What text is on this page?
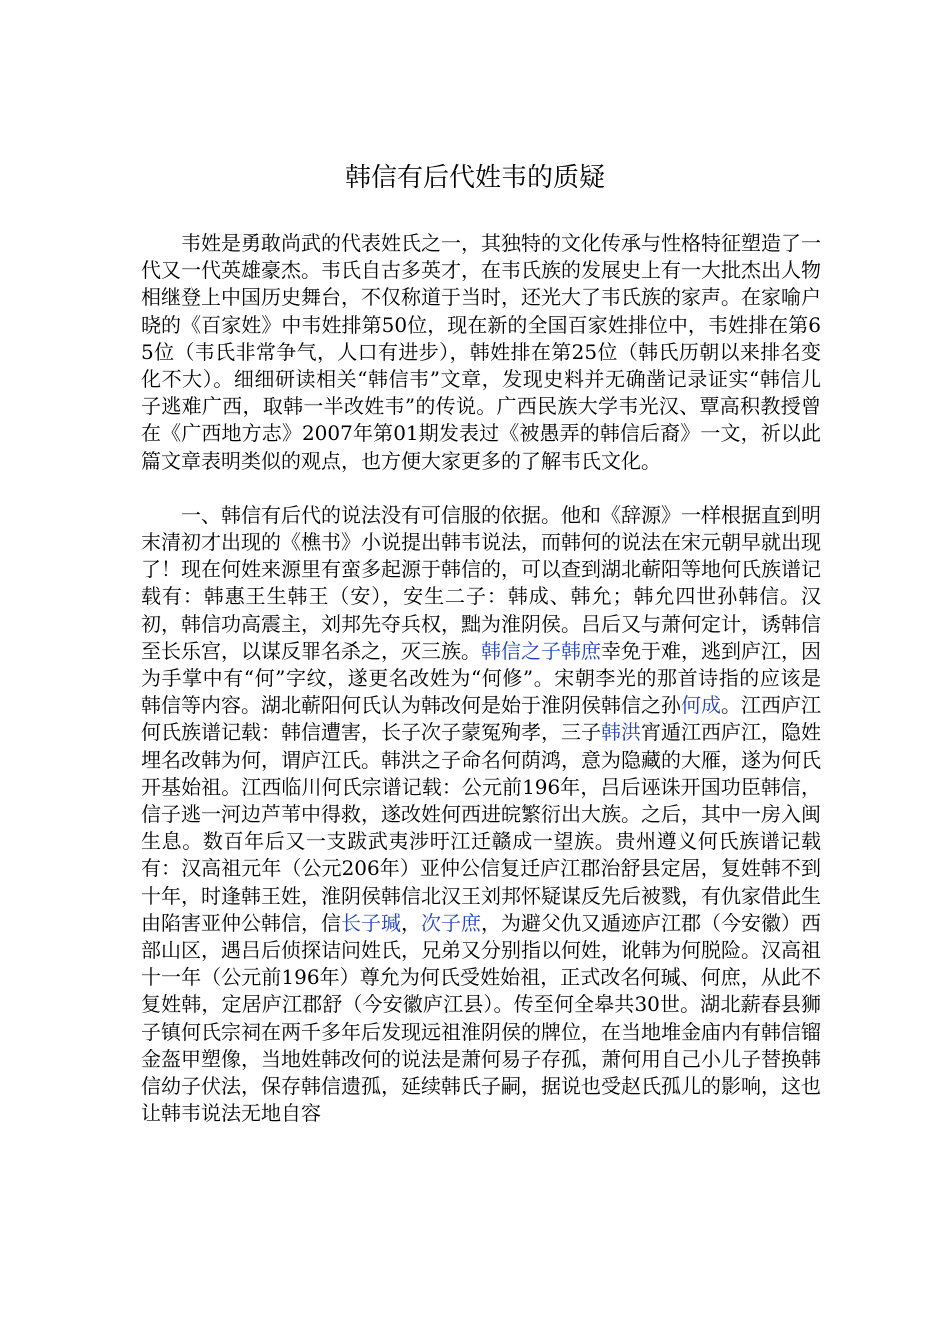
韩信有后代姓韦的质疑

韦姓是勇敢尚武的代表姓氏之一，其独特的文化传承与性格特征塑造了一代又一代英雄豪杰。韦氏自古多英才，在韦氏族的发展史上有一大批杰出人物相继登上中国历史舞台，不仅称道于当时，还光大了韦氏族的家声。在家喻户晓的《百家姓》中韦姓排第50位，现在新的全国百家姓排位中，韦姓排在第65位（韦氏非常争气，人口有进步），韩姓排在第25位（韩氏历朝以来排名变化不大）。细细研读相关“韩信韦”文章，发现史料并无确凿记录证实“韩信儿子逃难广西，取韩一半改姓韦”的传说。广西民族大学韦光汉、覃高积教授曾在《广西地方志》2007年第01期发表过《被愚弄的韩信后裔》一文，祈以此篇文章表明类似的观点，也方便大家更多的了解韦氏文化。

一、韩信有后代的说法没有可信服的依据。他和《辞源》一样根据直到明末清初才出现的《樵书》小说提出韩韦说法，而韩何的说法在宋元朝早就出现了！现在何姓来源里有蛮多起源于韩信的，可以查到湖北蕲阳等地何氏族谱记载有：韩惠王生韩王（安），安生二子：韩成、韩允；韩允四世孙韩信。汉初，韩信功高震主，刘邦先夺兵权，黜为淮阴侯。吕后又与萧何定计，诱韩信至长乐宫，以谋反罪名杀之，灭三族。韩信之子韩庶幸免于难，逃到庐江，因为手掌中有“何”字纹，遂更名改姓为“何修”。宋朝李光的那首诗指的应该是韩信等内容。湖北蕲阳何氏认为韩改何是始于淮阴侯韩信之孙何成。江西庐江何氏族谱记载：韩信遭害，长子次子蒙冤殉孝，三子韩洪宵遁江西庐江，隐姓埋名改韩为何，谓庐江氏。韩洪之子命名何荫鸿，意为隐藏的大雁，遂为何氏开基始祖。江西临川何氏宗谱记载：公元前196年，吕后诬诛开国功臣韩信，信子逃一河边芦苇中得救，遂改姓何西进皖繁衍出大族。之后，其中一房入闽生息。数百年后又一支跋武夷涉旴江迁赣成一望族。贵州遵义何氏族谱记载有：汉高祖元年（公元206年）亚仲公信复迁庐江郡治舒县定居，复姓韩不到十年，时逢韩王姓，淮阴侯韩信北汉王刘邦怀疑谋反先后被戮，有仇家借此生由陷害亚仲公韩信，信长子瑊，次子庶，为避父仇又遁迹庐江郡（今安徽）西部山区，遇吕后侦探诘问姓氏，兄弟又分别指以何姓，讹韩为何脱险。汉高祖十一年（公元前196年）尊允为何氏受姓始祖，正式改名何瑊、何庶，从此不复姓韩，定居庐江郡舒（今安徽庐江县）。传至何全皋共30世。湖北薪春县狮子镇何氏宗祠在两千多年后发现远祖淮阴侯的牌位，在当地堆金庙内有韩信镏金盔甲塑像，当地姓韩改何的说法是萧何易子存孤，萧何用自己小儿子替换韩信幼子伏法，保存韩信遗孤，延续韩氏子嗣，据说也受赵氏孤儿的影响，这也让韩韦说法无地自容
